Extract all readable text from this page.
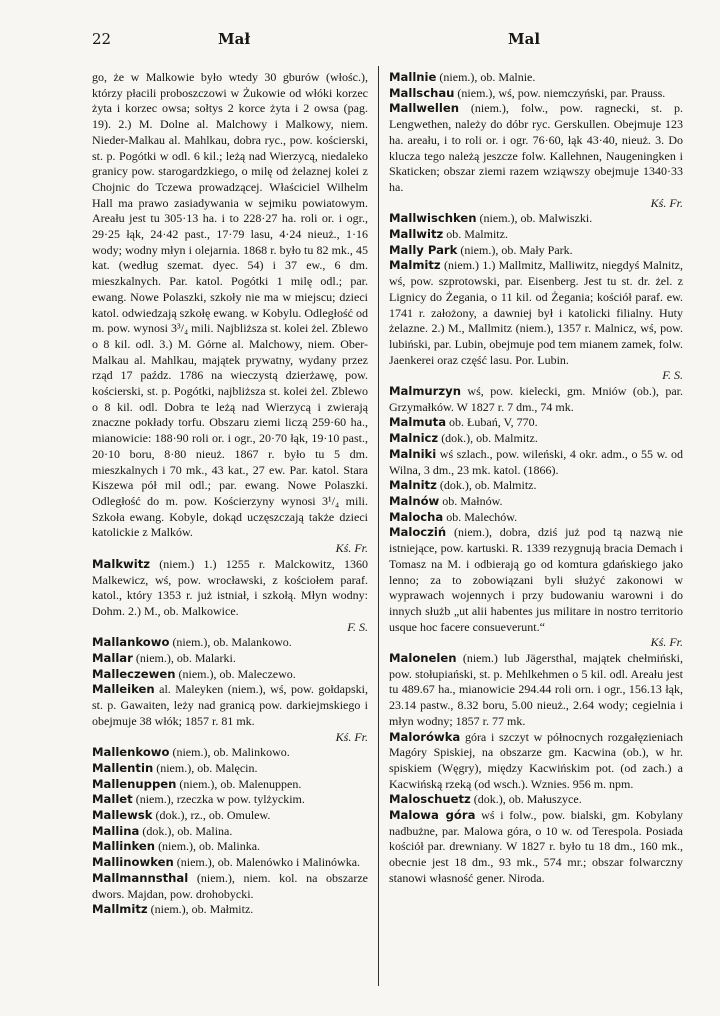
22	Mał	Mal

go, że w Malkowie było wtedy 30 gburów (włośc.), którzy płacili proboszczowi w Żukowie od włóki korzec żyta i korzec owsa; sołtys 2 korce żyta i 2 owsa (pag. 19). 2.) M. Dolne al. Malchowy i Malkowy, niem. Nieder-Malkau al. Mahlkau, dobra ryc., pow. kościerski, st. p. Pogótki w odl. 6 kil.; leżą nad Wierzycą, niedaleko granicy pow. starogardzkiego, o milę od żelaznej kolei z Chojnic do Tczewa prowadzącej. Właściciel Wilhelm Hall ma prawo zasiadywania w sejmiku powiatowym. Areału jest tu 305·13 ha. i to 228·27 ha. roli or. i ogr., 29·25 łąk, 24·42 past., 17·79 lasu, 4·24 nieuż., 1·16 wody; wodny młyn i olejarnia. 1868 r. było tu 82 mk., 45 kat. (według szemat. dyec. 54) i 37 ew., 6 dm. mieszkalnych. Par. katol. Pogótki 1 milę odl.; par. ewang. Nowe Polaszki, szkoły nie ma w miejscu; dzieci katol. odwiedzają szkołę ewang. w Kobylu. Odległość od m. pow. wynosi 3³/₄ mili. Najbliższa st. kolei żel. Zblewo o 8 kil. odl. 3.) M. Górne al. Malchowy, niem. Ober-Malkau al. Mahlkau, majątek prywatny, wydany przez rząd 17 paźdz. 1786 na wieczystą dzierżawę, pow. kościerski, st. p. Pogótki, najbliższa st. kolei żel. Zblewo o 8 kil. odl. Dobra te leżą nad Wierzycą i zwierają znaczne pokłady torfu. Obszaru ziemi liczą 259·60 ha., mianowicie: 188·90 roli or. i ogr., 20·70 łąk, 19·10 past., 20·10 boru, 8·80 nieuż. 1867 r. było tu 5 dm. mieszkalnych i 70 mk., 43 kat., 27 ew. Par. katol. Stara Kiszewa pół mil odl.; par. ewang. Nowe Polaszki. Odległość do m. pow. Kościerzyny wynosi 3¹/₄ mili. Szkoła ewang. Kobyle, dokąd uczęszczają także dzieci katolickie z Malków.
Kś. Fr.

Malkwitz (niem.) 1.) 1255 r. Malckowitz, 1360 Malkewicz, wś, pow. wrocławski, z kościołem paraf. katol., który 1353 r. już istniał, i szkołą. Młyn wodny: Dohm. 2.) M., ob. Malkowice.
F. S.

Mallankowo (niem.), ob. Malankowo.

Mallar (niem.), ob. Malarki.

Malleczewen (niem.), ob. Maleczewo.

Malleiken al. Maleyken (niem.), wś, pow. gołdapski, st. p. Gawaiten, leży nad granicą pow. darkiejmskiego i obejmuje 38 włók; 1857 r. 81 mk.
Kś. Fr.

Mallenkowo (niem.), ob. Malinkowo.

Mallentin (niem.), ob. Malęcin.

Mallenuppen (niem.), ob. Malenuppen.

Mallet (niem.), rzeczka w pow. tylżyckim.

Mallewsk (dok.), rz., ob. Omulew.

Mallina (dok.), ob. Malina.

Mallinken (niem.), ob. Malinka.

Mallinowken (niem.), ob. Malenówko i Malinówka.

Mallmannsthal (niem.), niem. kol. na obszarze dwors. Majdan, pow. drohobycki.

Mallmitz (niem.), ob. Małmitz.

Mallnie (niem.), ob. Malnie.

Mallschau (niem.), wś, pow. niemczyński, par. Prauss.

Mallwellen (niem.), folw., pow. ragnecki, st. p. Lengwethen, należy do dóbr ryc. Gerskullen. Obejmuje 123 ha. areału, i to roli or. i ogr. 76·60, łąk 43·40, nieuż. 3. Do klucza tego należą jeszcze folw. Kallehnen, Naugeningken i Skaticken; obszar ziemi razem wziąwszy obejmuje 1340·33 ha.
Kś. Fr.

Mallwischken (niem.), ob. Malwiszki.

Mallwitz ob. Malmitz.

Mally Park (niem.), ob. Mały Park.

Malmitz (niem.) 1.) Mallmitz, Malliwitz, niegdyś Malnitz, wś, pow. szprotowski, par. Eisenberg. Jest tu st. dr. żel. z Lignicy do Żegania, o 11 kil. od Żegania; kościół paraf. ew. 1741 r. założony, a dawniej był i katolicki filialny. Huty żelazne. 2.) M., Mallmitz (niem.), 1357 r. Malnicz, wś, pow. lubiński, par. Lubin, obejmuje pod tem mianem zamek, folw. Jaenkerei oraz część lasu. Por. Lubin.
F. S.

Malmurzyn wś, pow. kielecki, gm. Mniów (ob.), par. Grzymałków. W 1827 r. 7 dm., 74 mk.

Malmuta ob. Łubań, V, 770.

Malnicz (dok.), ob. Malmitz.

Malniki wś szlach., pow. wileński, 4 okr. adm., o 55 w. od Wilna, 3 dm., 23 mk. katol. (1866).

Malnitz (dok.), ob. Malmitz.

Malnów ob. Małnów.

Malocha ob. Malechów.

Malocziń (niem.), dobra, dziś już pod tą nazwą nie istniejące, pow. kartuski. R. 1339 rezygnują bracia Demach i Tomasz na M. i odbierają go od komtura gdańskiego jako lenno; za to zobowiązani byli służyć zakonowi w wyprawach wojennych i przy budowaniu warowni i do innych służb „ut alii habentes jus militare in nostro territorio usque hoc facere consueverunt.“
Kś. Fr.

Malonelen (niem.) lub Jägersthal, majątek chełmiński, pow. stołupiański, st. p. Mehlkehmen o 5 kil. odl. Areału jest tu 489.67 ha., mianowicie 294.44 roli orn. i ogr., 156.13 łąk, 23.14 pastw., 8.32 boru, 5.00 nieuż., 2.64 wody; cegielnia i młyn wodny; 1857 r. 77 mk.

Malorówka góra i szczyt w północnych rozgałęzieniach Magóry Spiskiej, na obszarze gm. Kacwina (ob.), w hr. spiskiem (Węgry), między Kacwińskim pot. (od zach.) a Kacwińską rzeką (od wsch.). Wznies. 956 m. npm.

Maloschuetz (dok.), ob. Małuszyce.

Malowa góra wś i folw., pow. bialski, gm. Kobylany nadbużne, par. Malowa góra, o 10 w. od Terespola. Posiada kościół par. drewniany. W 1827 r. było tu 18 dm., 160 mk., obecnie jest 18 dm., 93 mk., 574 mr.; obszar folwarczny stanowi własność gener. Niroda.
